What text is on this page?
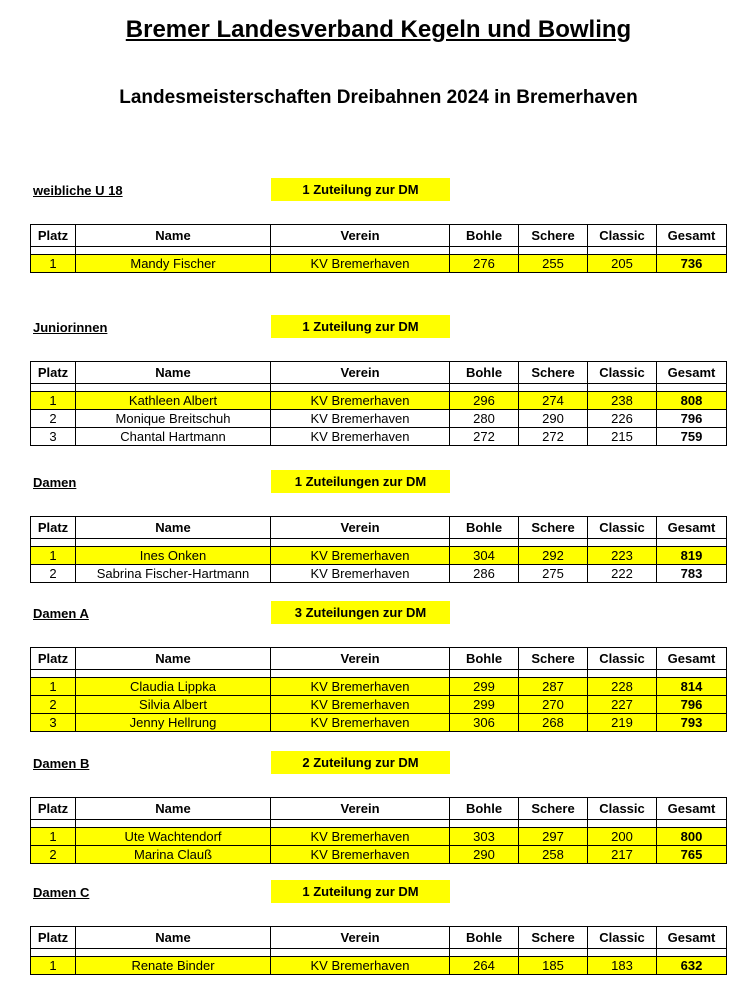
Bremer Landesverband Kegeln und Bowling
Landesmeisterschaften Dreibahnen 2024 in Bremerhaven
weibliche U 18	1 Zuteilung zur DM
Platz	Name	Verein	Bohle	Schere	Classic	Gesamt

1	Mandy Fischer	KV Bremerhaven	276	255	205	736
Juniorinnen	1 Zuteilung zur DM
Platz	Name	Verein	Bohle	Schere	Classic	Gesamt

1	Kathleen Albert	KV Bremerhaven	296	274	238	808
2	Monique Breitschuh	KV Bremerhaven	280	290	226	796
3	Chantal Hartmann	KV Bremerhaven	272	272	215	759
Damen	1 Zuteilungen zur DM
Platz	Name	Verein	Bohle	Schere	Classic	Gesamt

1	Ines Onken	KV Bremerhaven	304	292	223	819
2	Sabrina Fischer-Hartmann	KV Bremerhaven	286	275	222	783
Damen A	3 Zuteilungen zur DM
Platz	Name	Verein	Bohle	Schere	Classic	Gesamt

1	Claudia Lippka	KV Bremerhaven	299	287	228	814
2	Silvia Albert	KV Bremerhaven	299	270	227	796
3	Jenny Hellrung	KV Bremerhaven	306	268	219	793
Damen B	2 Zuteilung zur DM
Platz	Name	Verein	Bohle	Schere	Classic	Gesamt

1	Ute Wachtendorf	KV Bremerhaven	303	297	200	800
2	Marina Clauß	KV Bremerhaven	290	258	217	765
Damen C	1 Zuteilung zur DM
Platz	Name	Verein	Bohle	Schere	Classic	Gesamt

1	Renate Binder	KV Bremerhaven	264	185	183	632
